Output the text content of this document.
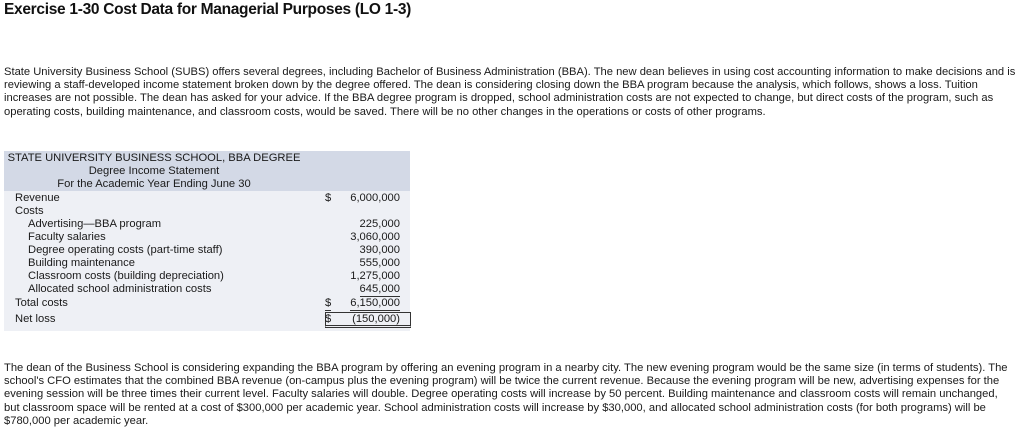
Exercise 1-30 Cost Data for Managerial Purposes (LO 1-3)

State University Business School (SUBS) offers several degrees, including Bachelor of Business Administration (BBA). The new dean believes in using cost accounting information to make decisions and is reviewing a staff-developed income statement broken down by the degree offered. The dean is considering closing down the BBA program because the analysis, which follows, shows a loss. Tuition increases are not possible. The dean has asked for your advice. If the BBA degree program is dropped, school administration costs are not expected to change, but direct costs of the program, such as operating costs, building maintenance, and classroom costs, would be saved. There will be no other changes in the operations or costs of other programs.

STATE UNIVERSITY BUSINESS SCHOOL, BBA DEGREE
Degree Income Statement
For the Academic Year Ending June 30
Revenue	$ 6,000,000
Costs
Advertising—BBA program	225,000
Faculty salaries	3,060,000
Degree operating costs (part-time staff)	390,000
Building maintenance	555,000
Classroom costs (building depreciation)	1,275,000
Allocated school administration costs	645,000
Total costs	$ 6,150,000
Net loss	$ (150,000)

The dean of the Business School is considering expanding the BBA program by offering an evening program in a nearby city. The new evening program would be the same size (in terms of students). The school's CFO estimates that the combined BBA revenue (on-campus plus the evening program) will be twice the current revenue. Because the evening program will be new, advertising expenses for the evening session will be three times their current level. Faculty salaries will double. Degree operating costs will increase by 50 percent. Building maintenance and classroom costs will remain unchanged, but classroom space will be rented at a cost of $300,000 per academic year. School administration costs will increase by $30,000, and allocated school administration costs (for both programs) will be $780,000 per academic year.
